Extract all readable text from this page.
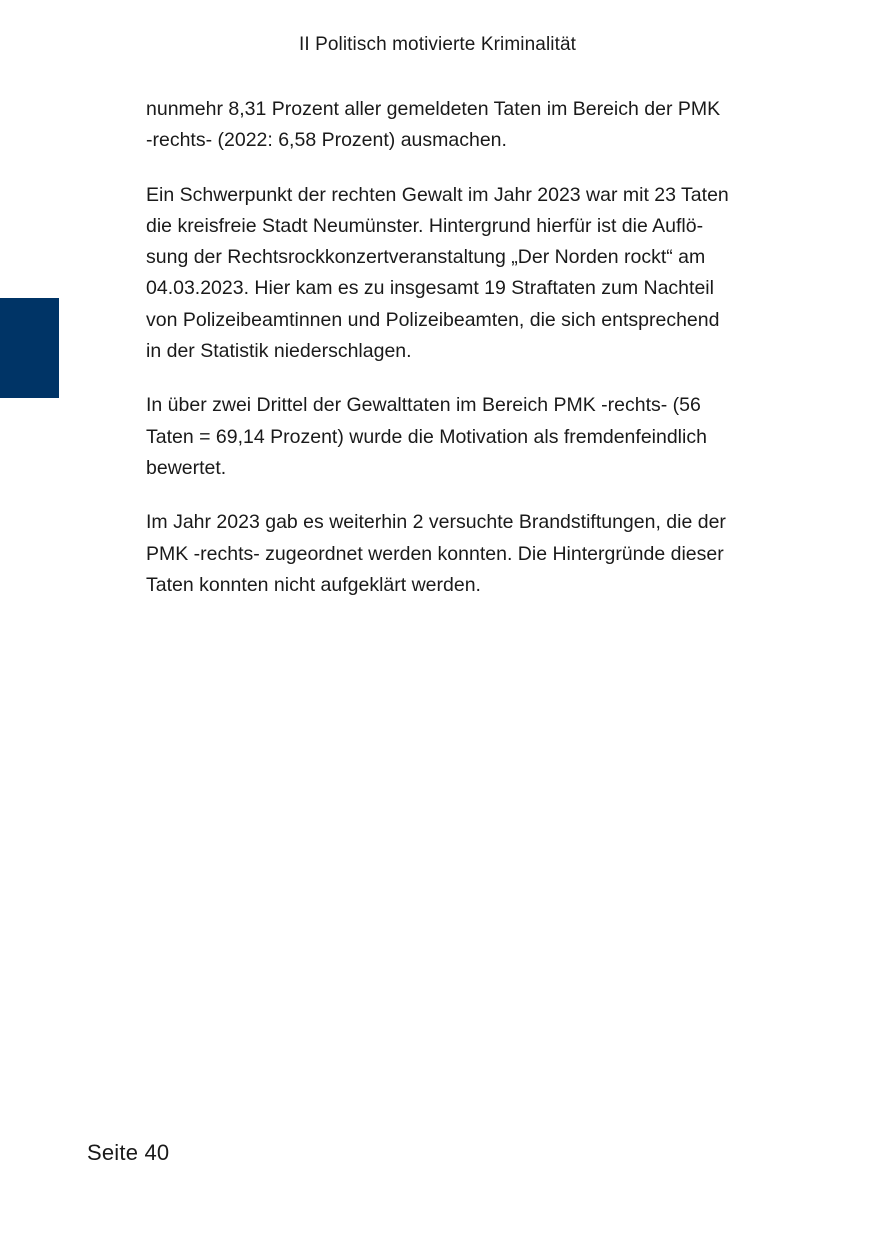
II Politisch motivierte Kriminalität

nunmehr 8,31 Prozent aller gemeldeten Taten im Bereich der PMK
-rechts- (2022: 6,58 Prozent) ausmachen.

Ein Schwerpunkt der rechten Gewalt im Jahr 2023 war mit 23 Taten
die kreisfreie Stadt Neumünster. Hintergrund hierfür ist die Auflö-
sung der Rechtsrockkonzertveranstaltung „Der Norden rockt“ am
04.03.2023. Hier kam es zu insgesamt 19 Straftaten zum Nachteil
von Polizeibeamtinnen und Polizeibeamten, die sich entsprechend
in der Statistik niederschlagen.

In über zwei Drittel der Gewalttaten im Bereich PMK -rechts- (56
Taten = 69,14 Prozent) wurde die Motivation als fremdenfeindlich
bewertet.

Im Jahr 2023 gab es weiterhin 2 versuchte Brandstiftungen, die der
PMK -rechts- zugeordnet werden konnten. Die Hintergründe dieser
Taten konnten nicht aufgeklärt werden.

Seite 40
